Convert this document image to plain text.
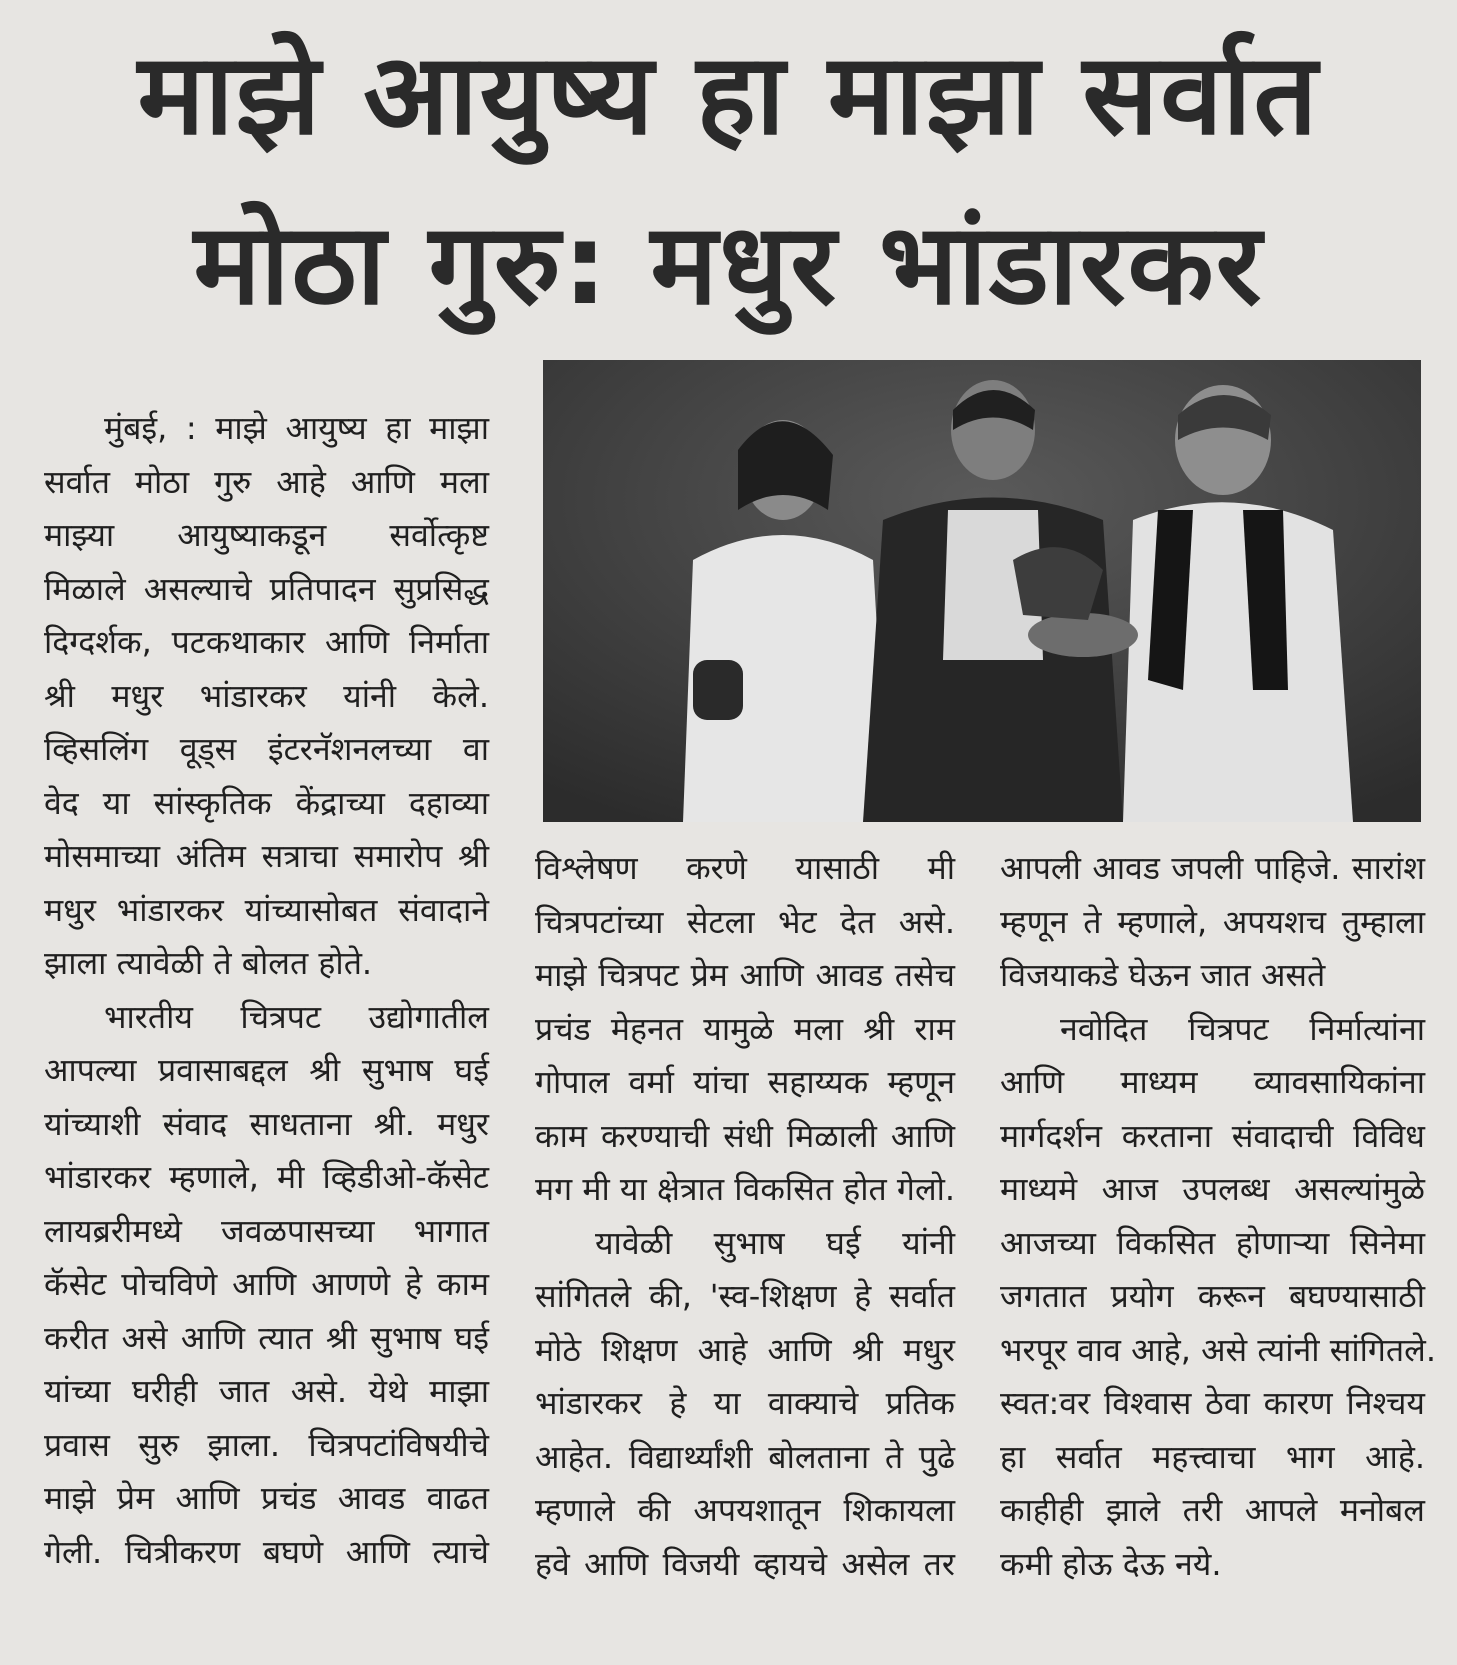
माझे आयुष्य हा माझा सर्वात
मोठा गुरु: मधुर भांडारकर
मुंबई, : माझे आयुष्य हा माझा
सर्वात मोठा गुरु आहे आणि मला
माझ्या आयुष्याकडून सर्वोत्कृष्ट
मिळाले असल्याचे प्रतिपादन सुप्रसिद्ध
दिग्दर्शक, पटकथाकार आणि निर्माता
श्री मधुर भांडारकर यांनी केले.
व्हिसलिंग वूड्स इंटरनॅशनलच्या वा
वेद या सांस्कृतिक केंद्राच्या दहाव्या
मोसमाच्या अंतिम सत्राचा समारोप श्री
मधुर भांडारकर यांच्यासोबत संवादाने
झाला त्यावेळी ते बोलत होते.
भारतीय चित्रपट उद्योगातील
आपल्या प्रवासाबद्दल श्री सुभाष घई
यांच्याशी संवाद साधताना श्री. मधुर
भांडारकर म्हणाले, मी व्हिडीओ-कॅसेट
लायब्ररीमध्ये जवळपासच्या भागात
कॅसेट पोचविणे आणि आणणे हे काम
करीत असे आणि त्यात श्री सुभाष घई
यांच्या घरीही जात असे. येथे माझा
प्रवास सुरु झाला. चित्रपटांविषयीचे
माझे प्रेम आणि प्रचंड आवड वाढत
गेली. चित्रीकरण बघणे आणि त्याचे
विश्लेषण करणे यासाठी मी
चित्रपटांच्या सेटला भेट देत असे.
माझे चित्रपट प्रेम आणि आवड तसेच
प्रचंड मेहनत यामुळे मला श्री राम
गोपाल वर्मा यांचा सहाय्यक म्हणून
काम करण्याची संधी मिळाली आणि
मग मी या क्षेत्रात विकसित होत गेलो.
यावेळी सुभाष घई यांनी
सांगितले की, 'स्व-शिक्षण हे सर्वात
मोठे शिक्षण आहे आणि श्री मधुर
भांडारकर हे या वाक्याचे प्रतिक
आहेत. विद्यार्थ्यांशी बोलताना ते पुढे
म्हणाले की अपयशातून शिकायला
हवे आणि विजयी व्हायचे असेल तर
आपली आवड जपली पाहिजे. सारांश
म्हणून ते म्हणाले, अपयशच तुम्हाला
विजयाकडे घेऊन जात असते
नवोदित चित्रपट निर्मात्यांना
आणि माध्यम व्यावसायिकांना
मार्गदर्शन करताना संवादाची विविध
माध्यमे आज उपलब्ध असल्यांमुळे
आजच्या विकसित होणाऱ्या सिनेमा
जगतात प्रयोग करून बघण्यासाठी
भरपूर वाव आहे, असे त्यांनी सांगितले.
स्वत:वर विश्वास ठेवा कारण निश्चय
हा सर्वात महत्त्वाचा भाग आहे.
काहीही झाले तरी आपले मनोबल
कमी होऊ देऊ नये.
